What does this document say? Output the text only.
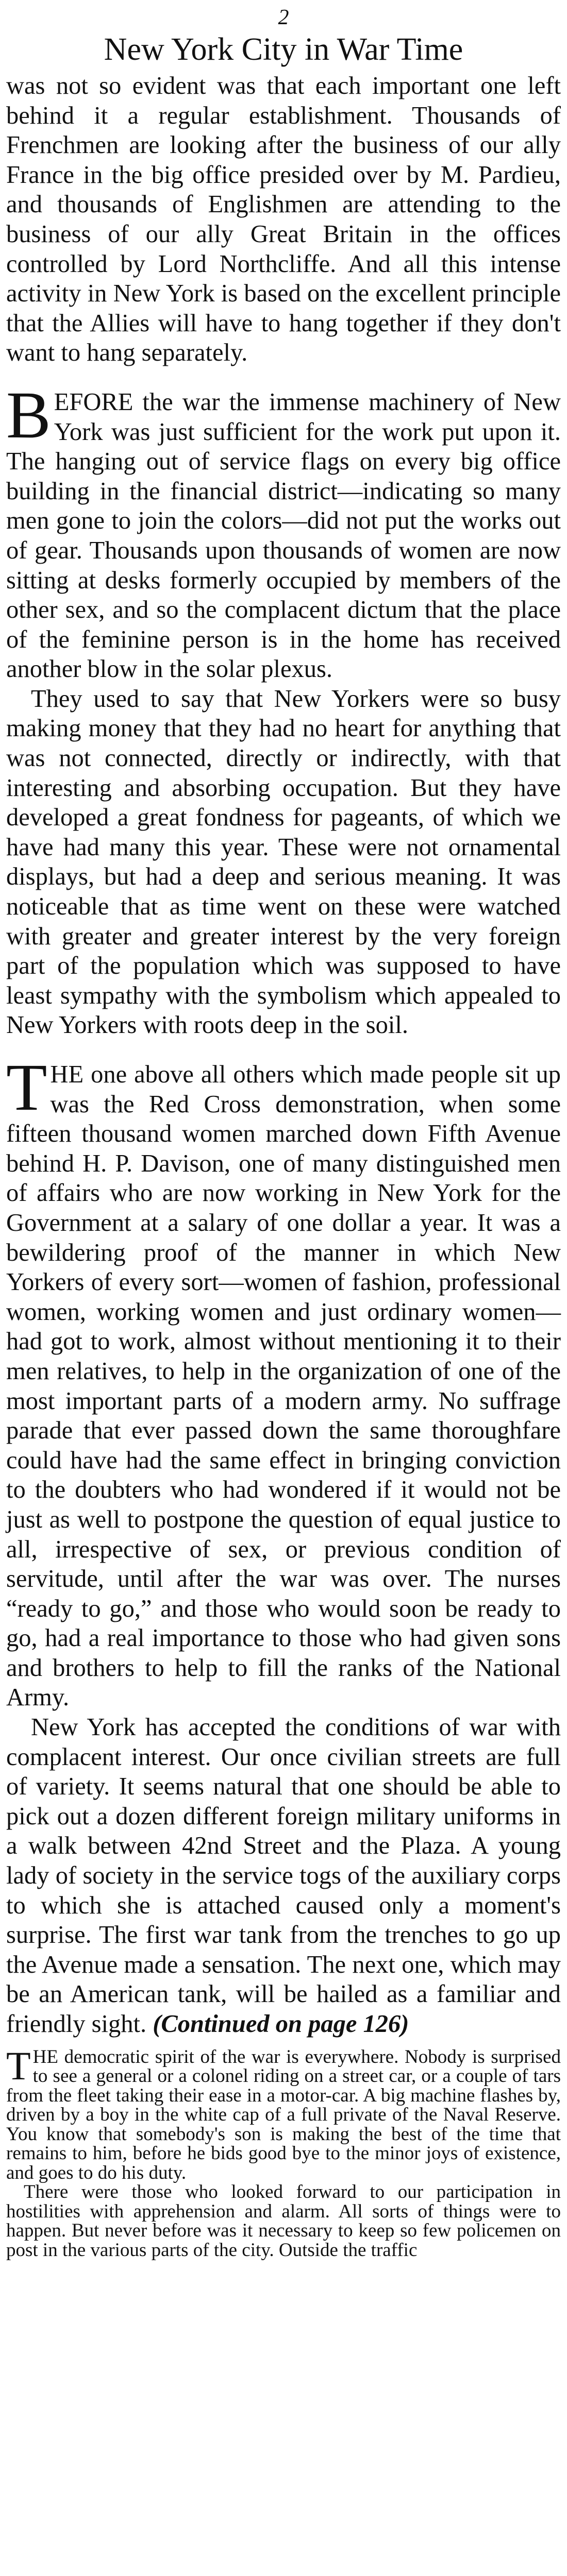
2
New York City in War Time

was not so evident was that each important one left behind it a regular establishment. Thousands of Frenchmen are looking after the business of our ally France in the big office presided over by M. Pardieu, and thousands of Englishmen are attending to the business of our ally Great Britain in the offices controlled by Lord Northcliffe. And all this intense activity in New York is based on the excellent principle that the Allies will have to hang together if they don't want to hang separately.

BEFORE the war the immense machinery of New York was just sufficient for the work put upon it. The hanging out of service flags on every big office building in the financial district—indicating so many men gone to join the colors—did not put the works out of gear. Thousands upon thousands of women are now sitting at desks formerly occupied by members of the other sex, and so the complacent dictum that the place of the feminine person is in the home has received another blow in the solar plexus.

They used to say that New Yorkers were so busy making money that they had no heart for anything that was not connected, directly or indirectly, with that interesting and absorbing occupation. But they have developed a great fondness for pageants, of which we have had many this year. These were not ornamental displays, but had a deep and serious meaning. It was noticeable that as time went on these were watched with greater and greater interest by the very foreign part of the population which was supposed to have least sympathy with the symbolism which appealed to New Yorkers with roots deep in the soil.

THE one above all others which made people sit up was the Red Cross demonstration, when some fifteen thousand women marched down Fifth Avenue behind H. P. Davison, one of many distinguished men of affairs who are now working in New York for the Government at a salary of one dollar a year. It was a bewildering proof of the manner in which New Yorkers of every sort—women of fashion, professional women, working women and just ordinary women—had got to work, almost without mentioning it to their men relatives, to help in the organization of one of the most important parts of a modern army. No suffrage parade that ever passed down the same thoroughfare could have had the same effect in bringing conviction to the doubters who had wondered if it would not be just as well to postpone the question of equal justice to all, irrespective of sex, or previous condition of servitude, until after the war was over. The nurses “ready to go,” and those who would soon be ready to go, had a real importance to those who had given sons and brothers to help to fill the ranks of the National Army.

New York has accepted the conditions of war with complacent interest. Our once civilian streets are full of variety. It seems natural that one should be able to pick out a dozen different foreign military uniforms in a walk between 42nd Street and the Plaza. A young lady of society in the service togs of the auxiliary corps to which she is attached caused only a moment's surprise. The first war tank from the trenches to go up the Avenue made a sensation. The next one, which may be an American tank, will be hailed as a familiar and friendly sight. (Continued on page 126)

THE democratic spirit of the war is everywhere. Nobody is surprised to see a general or a colonel riding on a street car, or a couple of tars from the fleet taking their ease in a motor-car. A big machine flashes by, driven by a boy in the white cap of a full private of the Naval Reserve. You know that somebody's son is making the best of the time that remains to him, before he bids good bye to the minor joys of existence, and goes to do his duty.

There were those who looked forward to our participation in hostilities with apprehension and alarm. All sorts of things were to happen. But never before was it necessary to keep so few policemen on post in the various parts of the city. Outside the traffic
